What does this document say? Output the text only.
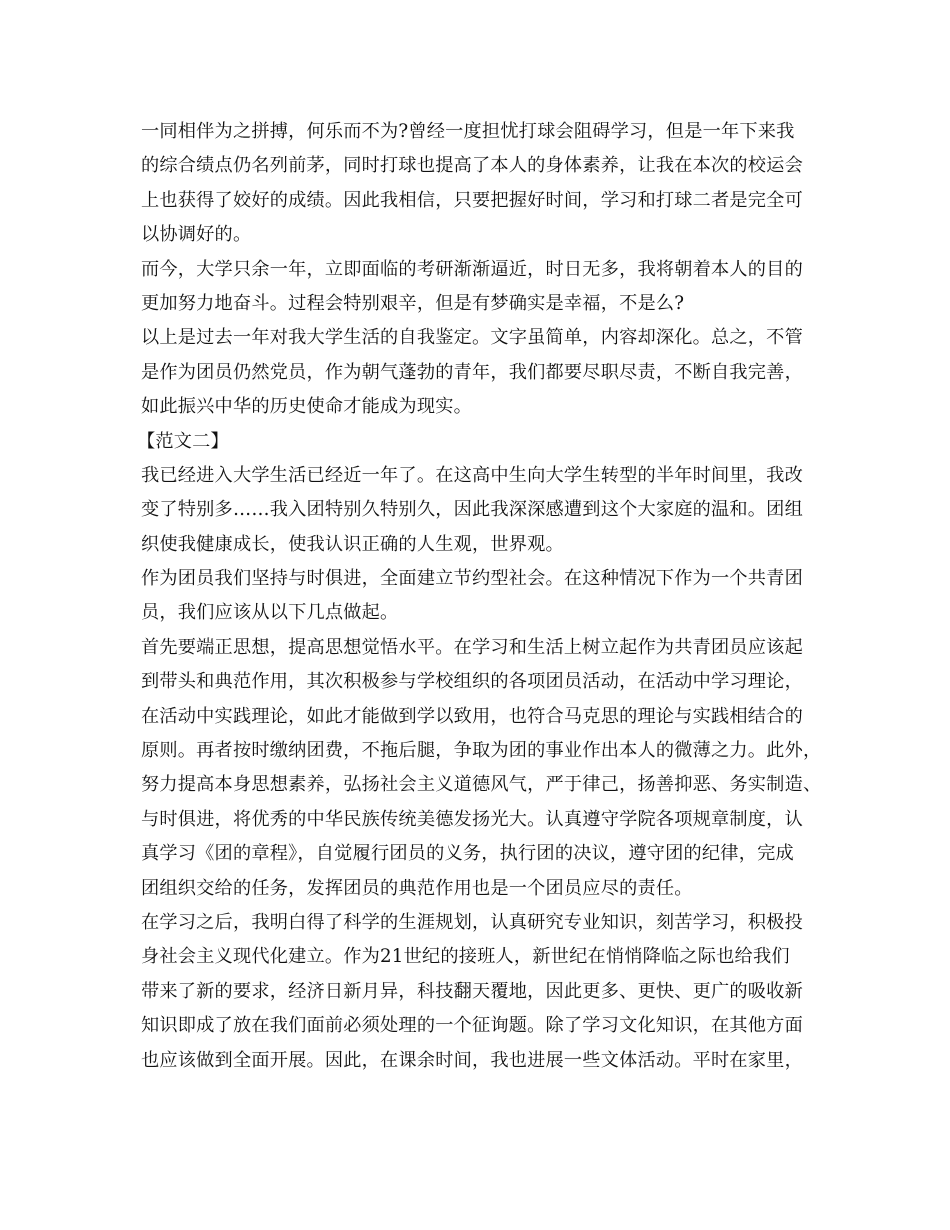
一同相伴为之拼搏，何乐而不为?曾经一度担忧打球会阻碍学习，但是一年下来我
的综合绩点仍名列前茅，同时打球也提高了本人的身体素养，让我在本次的校运会
上也获得了姣好的成绩。因此我相信，只要把握好时间，学习和打球二者是完全可
以协调好的。
而今，大学只余一年，立即面临的考研渐渐逼近，时日无多，我将朝着本人的目的
更加努力地奋斗。过程会特别艰辛，但是有梦确实是幸福，不是么?
以上是过去一年对我大学生活的自我鉴定。文字虽简单，内容却深化。总之，不管
是作为团员仍然党员，作为朝气蓬勃的青年，我们都要尽职尽责，不断自我完善，
如此振兴中华的历史使命才能成为现实。
【范文二】
我已经进入大学生活已经近一年了。在这高中生向大学生转型的半年时间里，我改
变了特别多……我入团特别久特别久，因此我深深感遭到这个大家庭的温和。团组
织使我健康成长，使我认识正确的人生观，世界观。
作为团员我们坚持与时俱进，全面建立节约型社会。在这种情况下作为一个共青团
员，我们应该从以下几点做起。
首先要端正思想，提高思想觉悟水平。在学习和生活上树立起作为共青团员应该起
到带头和典范作用，其次积极参与学校组织的各项团员活动，在活动中学习理论，
在活动中实践理论，如此才能做到学以致用，也符合马克思的理论与实践相结合的
原则。再者按时缴纳团费，不拖后腿，争取为团的事业作出本人的微薄之力。此外，
努力提高本身思想素养，弘扬社会主义道德风气，严于律己，扬善抑恶、务实制造、
与时俱进，将优秀的中华民族传统美德发扬光大。认真遵守学院各项规章制度，认
真学习《团的章程》，自觉履行团员的义务，执行团的决议，遵守团的纪律，完成
团组织交给的任务，发挥团员的典范作用也是一个团员应尽的责任。
在学习之后，我明白得了科学的生涯规划，认真研究专业知识，刻苦学习，积极投
身社会主义现代化建立。作为21世纪的接班人，新世纪在悄悄降临之际也给我们
带来了新的要求，经济日新月异，科技翻天覆地，因此更多、更快、更广的吸收新
知识即成了放在我们面前必须处理的一个征询题。除了学习文化知识，在其他方面
也应该做到全面开展。因此，在课余时间，我也进展一些文体活动。平时在家里，
